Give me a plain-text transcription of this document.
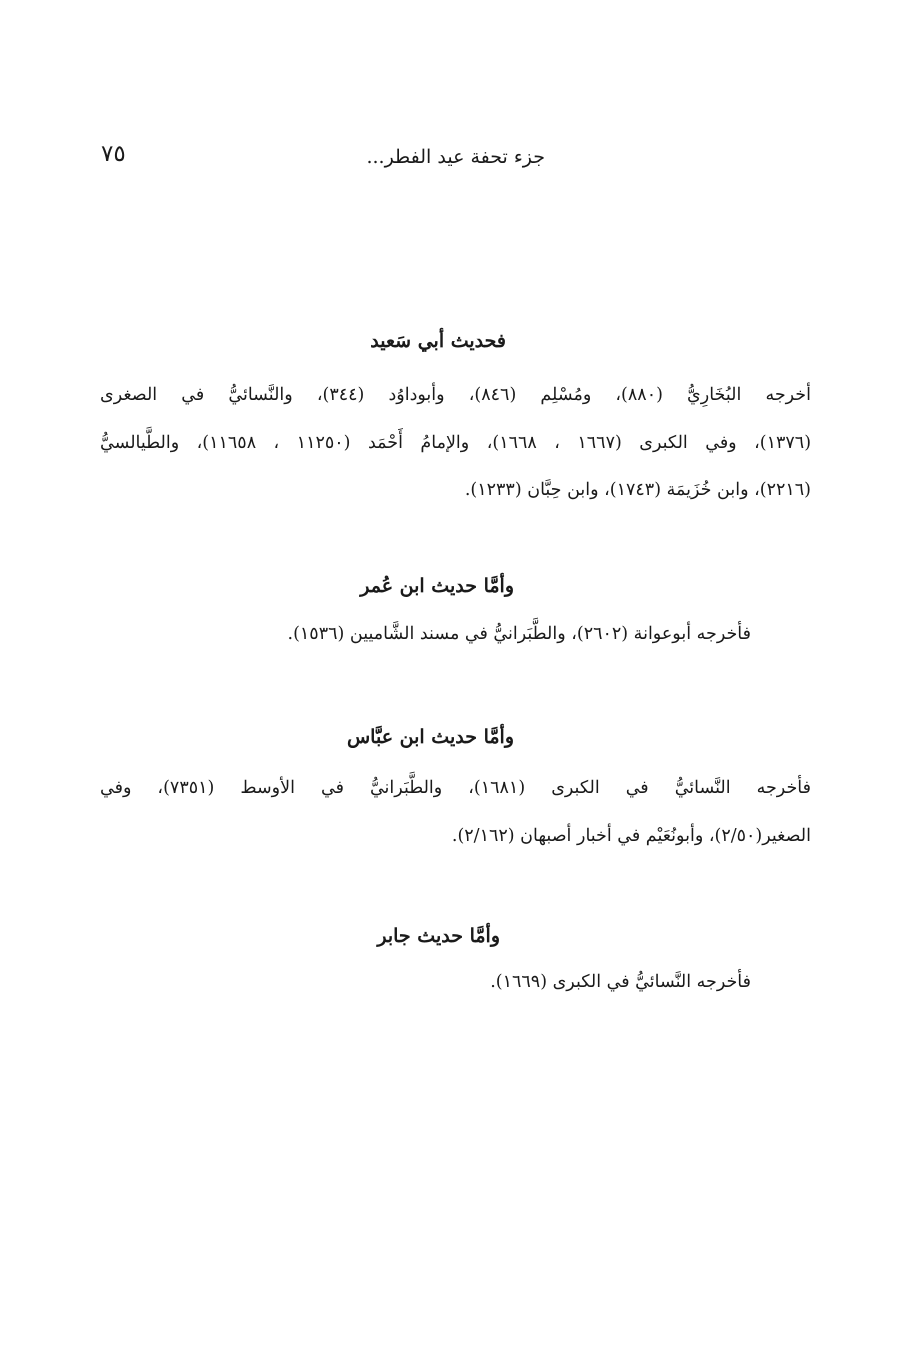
جزء تحفة عيد الفطر...
٧٥
فحديث أبي سَعيد
أخرجه البُخَارِيُّ (٨٨٠)، ومُسْلِم (٨٤٦)، وأبوداوُد (٣٤٤)، والنَّسائيُّ في الصغرى
(١٣٧٦)، وفي الكبرى (١٦٦٧ ، ١٦٦٨)، والإمامُ أَحْمَد (١١٢٥٠ ، ١١٦٥٨)، والطَّيالسيُّ
(٢٢١٦)، وابن خُزَيمَة (١٧٤٣)، وابن حِبَّان (١٢٣٣).
وأمَّا حديث ابن عُمر
فأخرجه أبوعوانة (٢٦٠٢)، والطَّبَرانيُّ في مسند الشَّاميين (١٥٣٦).
وأمَّا حديث ابن عبَّاس
فأخرجه النَّسائيُّ في الكبرى (١٦٨١)، والطَّبَرانيُّ في الأوسط (٧٣٥١)، وفي
الصغير(٢/٥٠)، وأبونُعَيْم في أخبار أصبهان (٢/١٦٢).
وأمَّا حديث جابر
فأخرجه النَّسائيُّ في الكبرى (١٦٦٩).
